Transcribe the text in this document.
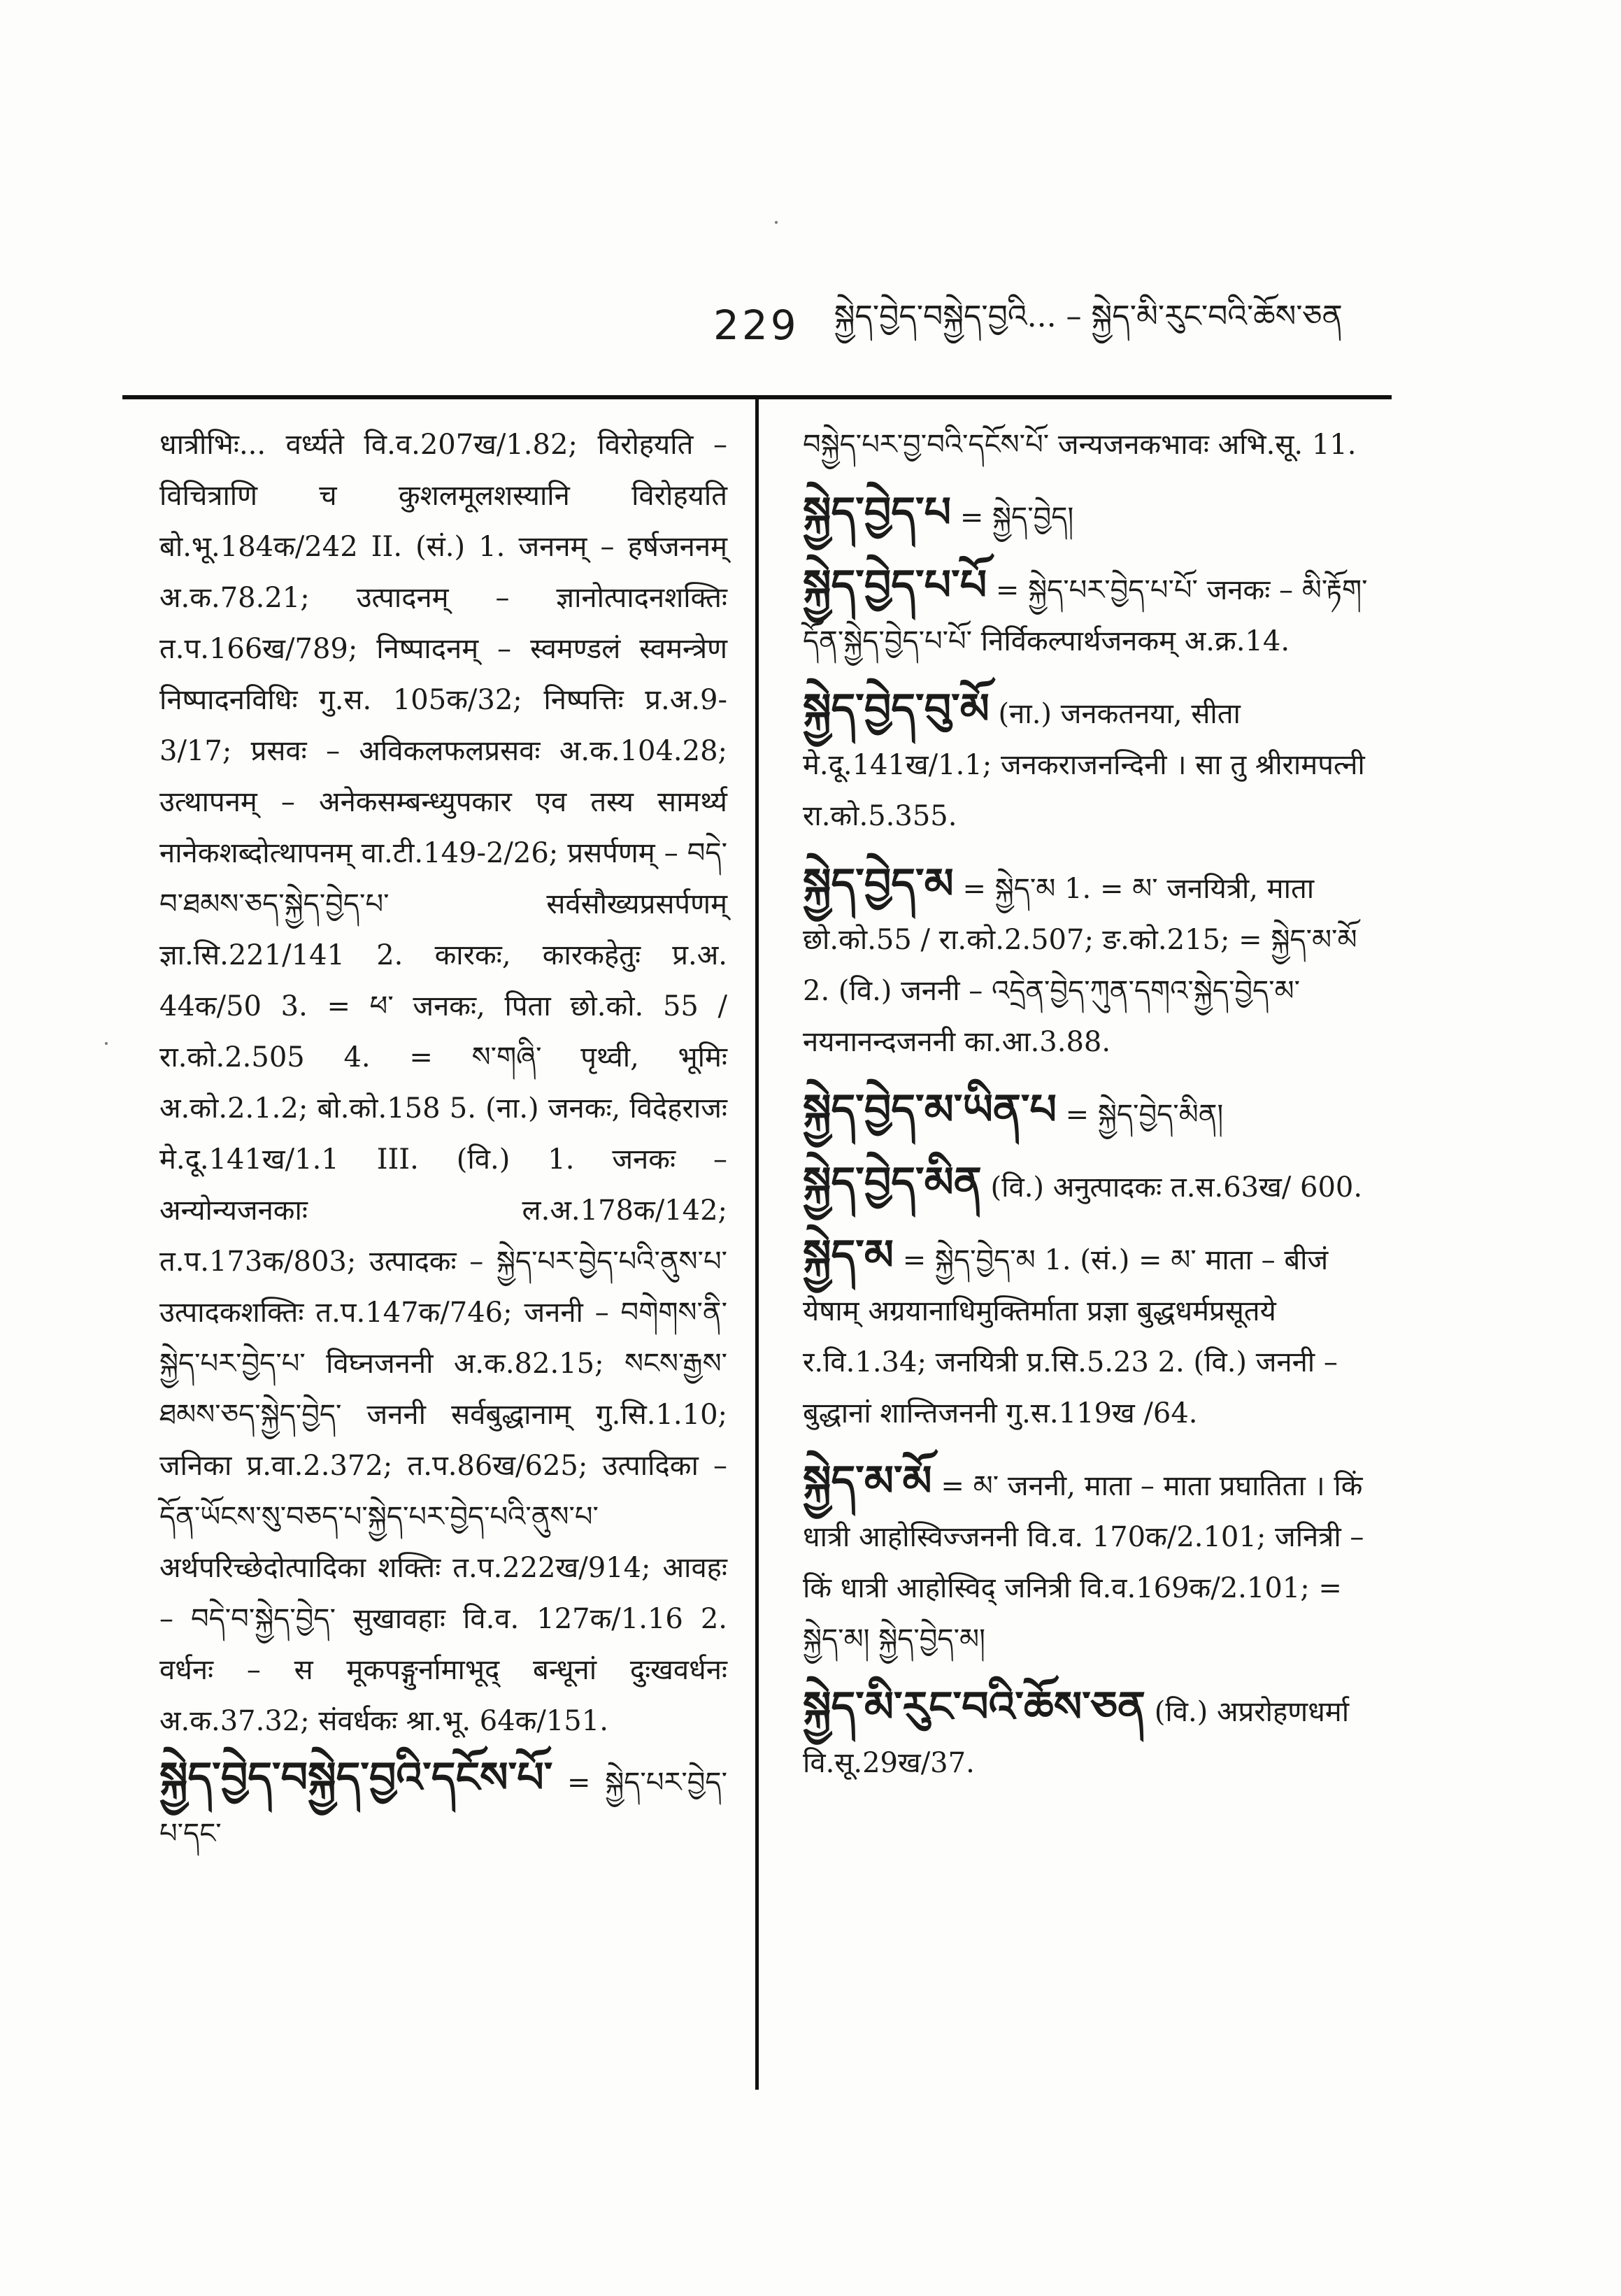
229 སྐྱེད་བྱེད་བསྐྱེད་བྱའི... – སྐྱེད་མི་རུང་བའི་ཆོས་ཅན

धात्रीभिः... वर्ध्यते वि.व.207ख/1.82; विरोहयति – विचित्राणि च कुशलमूलशस्यानि विरोहयति बो.भू.184क/242 II. (सं.) 1. जननम् – हर्षजननम् अ.क.78.21; उत्पादनम् – ज्ञानोत्पादनशक्तिः त.प.166ख/789; निष्पादनम् – स्वमण्डलं स्वमन्त्रेण निष्पादनविधिः गु.स. 105क/32; निष्पत्तिः प्र.अ.9-3/17; प्रसवः – अविकलफलप्रसवः अ.क.104.28; उत्थापनम् – अनेकसम्बन्ध्युपकार एव तस्य सामर्थ्य नानेकशब्दोत्थापनम् वा.टी.149-2/26; प्रसर्पणम् – བདེ་བ་ཐམས་ཅད་སྐྱེད་བྱེད་པ་ सर्वसौख्यप्रसर्पणम् ज्ञा.सि.221/141 2. कारकः, कारकहेतुः प्र.अ. 44क/50 3. = ཕ་ जनकः, पिता छो.को. 55 / रा.को.2.505 4. = ས་གཞི་ पृथ्वी, भूमिः अ.को.2.1.2; बो.को.158 5. (ना.) जनकः, विदेहराजः मे.दू.141ख/1.1 III. (वि.) 1. जनकः – अन्योन्यजनकाः ल.अ.178क/142; त.प.173क/803; उत्पादकः – སྐྱེད་པར་བྱེད་པའི་ནུས་པ་ उत्पादकशक्तिः त.प.147क/746; जननी – བགེགས་ནི་སྐྱེད་པར་བྱེད་པ་ विघ्नजननी अ.क.82.15; སངས་རྒྱས་ཐམས་ཅད་སྐྱེད་བྱེད་ जननी सर्वबुद्धानाम् गु.सि.1.10; जनिका प्र.वा.2.372; त.प.86ख/625; उत्पादिका – དོན་ཡོངས་སུ་བཅད་པ་སྐྱེད་པར་བྱེད་པའི་ནུས་པ་ अर्थपरिच्छेदोत्पादिका शक्तिः त.प.222ख/914; आवहः – བདེ་བ་སྐྱེད་བྱེད་ सुखावहाः वि.व. 127क/1.16 2. वर्धनः – स मूकपङ्गुर्नामाभूद् बन्धूनां दुःखवर्धनः अ.क.37.32; संवर्धकः श्रा.भू. 64क/151.

སྐྱེད་བྱེད་བསྐྱེད་བྱའི་དངོས་པོ་ = སྐྱེད་པར་བྱེད་པ་དང་

བསྐྱེད་པར་བྱ་བའི་དངོས་པོ་ जन्यजनकभावः अभि.सू. 11.

སྐྱེད་བྱེད་པ = སྐྱེད་བྱེད།

སྐྱེད་བྱེད་པ་པོ = སྐྱེད་པར་བྱེད་པ་པོ་ जनकः – མི་རྟོག་དོན་སྐྱེད་བྱེད་པ་པོ་ निर्विकल्पार्थजनकम् अ.क्र.14.

སྐྱེད་བྱེད་བུ་མོ (ना.) जनकतनया, सीता मे.दू.141ख/1.1; जनकराजनन्दिनी । सा तु श्रीरामपत्नी रा.को.5.355.

སྐྱེད་བྱེད་མ = སྐྱེད་མ 1. = མ་ जनयित्री, माता छो.को.55 / रा.को.2.507; ङ.को.215; = སྐྱེད་མ་མོ 2. (वि.) जननी – འདྲེན་བྱེད་ཀུན་དགའ་སྐྱེད་བྱེད་མ་ नयनानन्दजननी का.आ.3.88.

སྐྱེད་བྱེད་མ་ཡིན་པ = སྐྱེད་བྱེད་མིན།

སྐྱེད་བྱེད་མིན (वि.) अनुत्पादकः त.स.63ख/ 600.

སྐྱེད་མ = སྐྱེད་བྱེད་མ 1. (सं.) = མ་ माता – बीजं येषाम् अग्रयानाधिमुक्तिर्माता प्रज्ञा बुद्धधर्मप्रसूतये र.वि.1.34; जनयित्री प्र.सि.5.23 2. (वि.) जननी – बुद्धानां शान्तिजननी गु.स.119ख /64.

སྐྱེད་མ་མོ = མ་ जननी, माता – माता प्रघातिता । किं धात्री आहोस्विज्जननी वि.व. 170क/2.101; जनित्री – किं धात्री आहोस्विद् जनित्री वि.व.169क/2.101; = སྐྱེད་མ། སྐྱེད་བྱེད་མ།

སྐྱེད་མི་རུང་བའི་ཆོས་ཅན (वि.) अप्ररोहणधर्मा वि.सू.29ख/37.
